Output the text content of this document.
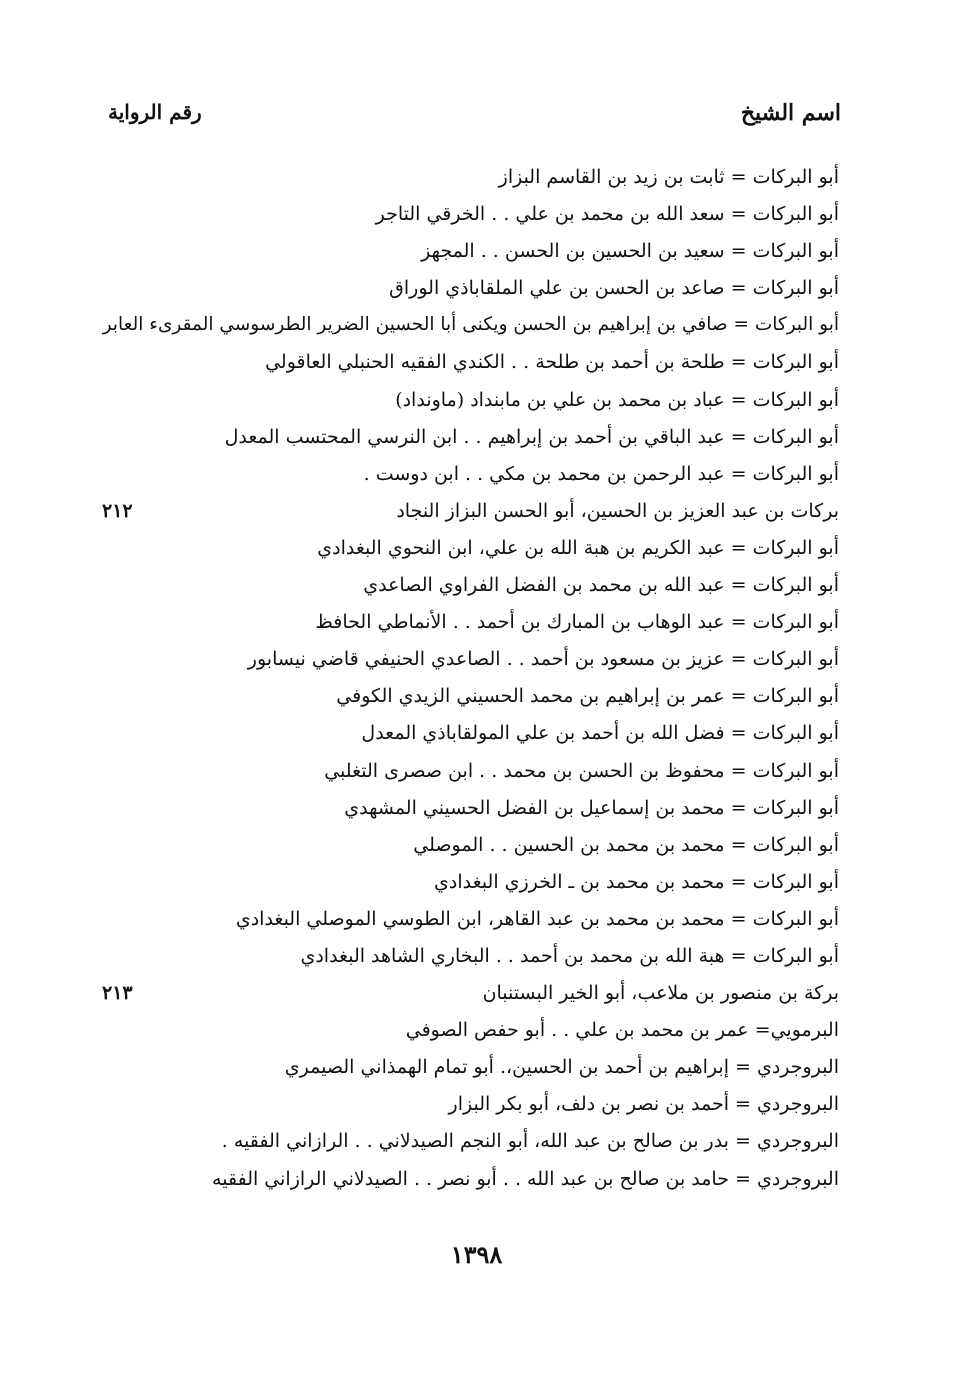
اسم الشيخ
رقم الرواية
أبو البركات = ثابت بن زيد بن القاسم البزاز
أبو البركات = سعد الله بن محمد بن علي . . الخرقي التاجر
أبو البركات = سعيد بن الحسين بن الحسن . . المجهز
أبو البركات = صاعد بن الحسن بن علي الملقاباذي الوراق
أبو البركات = صافي بن إبراهيم بن الحسن ويكنى أبا الحسين الضرير الطرسوسي المقرىء العابر
أبو البركات = طلحة بن أحمد بن طلحة . . الكندي الفقيه الحنبلي العاقولي
أبو البركات = عباد بن محمد بن علي بن مابنداد (ماونداد)
أبو البركات = عبد الباقي بن أحمد بن إبراهيم . . ابن النرسي المحتسب المعدل
أبو البركات = عبد الرحمن بن محمد بن مكي . . ابن دوست .
بركات بن عبد العزيز بن الحسين، أبو الحسن البزاز النجاد
٢١٢
أبو البركات = عبد الكريم بن هبة الله بن علي، ابن النحوي البغدادي
أبو البركات = عبد الله بن محمد بن الفضل الفراوي الصاعدي
أبو البركات = عبد الوهاب بن المبارك بن أحمد . . الأنماطي الحافظ
أبو البركات = عزيز بن مسعود بن أحمد . . الصاعدي الحنيفي قاضي نيسابور
أبو البركات = عمر بن إبراهيم بن محمد الحسيني الزيدي الكوفي
أبو البركات = فضل الله بن أحمد بن علي المولقاباذي المعدل
أبو البركات = محفوظ بن الحسن بن محمد . . ابن صصرى التغلبي
أبو البركات = محمد بن إسماعيل بن الفضل الحسيني المشهدي
أبو البركات = محمد بن محمد بن الحسين . . الموصلي
أبو البركات = محمد بن محمد بن ـ الخرزي البغدادي
أبو البركات = محمد بن محمد بن عبد القاهر، ابن الطوسي الموصلي البغدادي
أبو البركات = هبة الله بن محمد بن أحمد . . البخاري الشاهد البغدادي
بركة بن منصور بن ملاعب، أبو الخير البستنبان
٢١٣
البرمويي= عمر بن محمد بن علي . . أبو حفص الصوفي
البروجردي = إبراهيم بن أحمد بن الحسين،. أبو تمام الهمذاني الصيمري
البروجردي = أحمد بن نصر بن دلف، أبو بكر البزار
البروجردي = بدر بن صالح بن عبد الله، أبو النجم الصيدلاني . . الرازاني الفقيه .
البروجردي = حامد بن صالح بن عبد الله . . أبو نصر . . الصيدلاني الرازاني الفقيه
١٣٩٨
